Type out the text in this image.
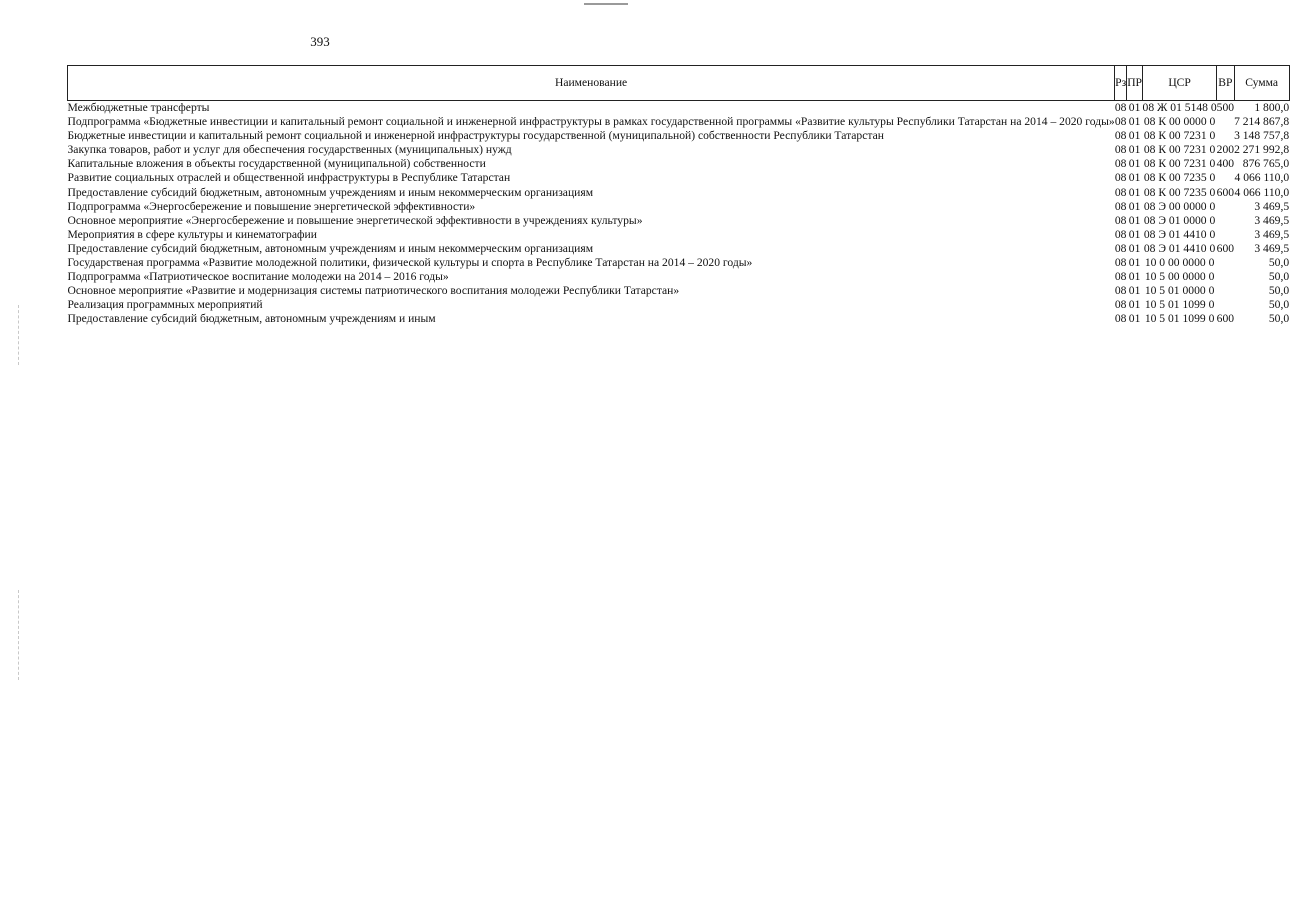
393
Наименование	Рз	ПР	ЦСР	ВР	Сумма
Межбюджетные трансферты	08	01	08 Ж 01 5148 0	500	1 800,0
Подпрограмма «Бюджетные инвестиции и капитальный ремонт социальной и инженерной инфраструктуры в рамках государственной программы «Развитие культуры Республики Татарстан на 2014 – 2020 годы»	08	01	08 К 00 0000 0		7 214 867,8
Бюджетные инвестиции и капитальный ремонт социальной и инженерной инфраструктуры государственной (муниципальной) собственности Республики Татарстан	08	01	08 К 00 7231 0		3 148 757,8
Закупка товаров, работ и услуг для обеспечения государственных (муниципальных) нужд	08	01	08 К 00 7231 0	200	2 271 992,8
Капитальные вложения в объекты государственной (муниципальной) собственности	08	01	08 К 00 7231 0	400	876 765,0
Развитие социальных отраслей и общественной инфраструктуры в Республике Татарстан	08	01	08 К 00 7235 0		4 066 110,0
Предоставление субсидий бюджетным, автономным учреждениям и иным некоммерческим организациям	08	01	08 К 00 7235 0	600	4 066 110,0
Подпрограмма «Энергосбережение и повышение энергетической эффективности»	08	01	08 Э 00 0000 0		3 469,5
Основное мероприятие «Энергосбережение и повышение энергетической эффективности в учреждениях культуры»	08	01	08 Э 01 0000 0		3 469,5
Мероприятия в сфере культуры и кинематографии	08	01	08 Э 01 4410 0		3 469,5
Предоставление субсидий бюджетным, автономным учреждениям и иным некоммерческим организациям	08	01	08 Э 01 4410 0	600	3 469,5
Государственая программа «Развитие молодежной политики, физической культуры и спорта в Республике Татарстан на 2014 – 2020 годы»	08	01	10 0 00 0000 0		50,0
Подпрограмма «Патриотическое воспитание молодежи на 2014 – 2016 годы»	08	01	10 5 00 0000 0		50,0
Основное мероприятие «Развитие и модернизация системы патриотического воспитания молодежи Республики Татарстан»	08	01	10 5 01 0000 0		50,0
Реализация программных мероприятий	08	01	10 5 01 1099 0		50,0
Предоставление субсидий бюджетным, автономным учреждениям и иным	08	01	10 5 01 1099 0	600	50,0
